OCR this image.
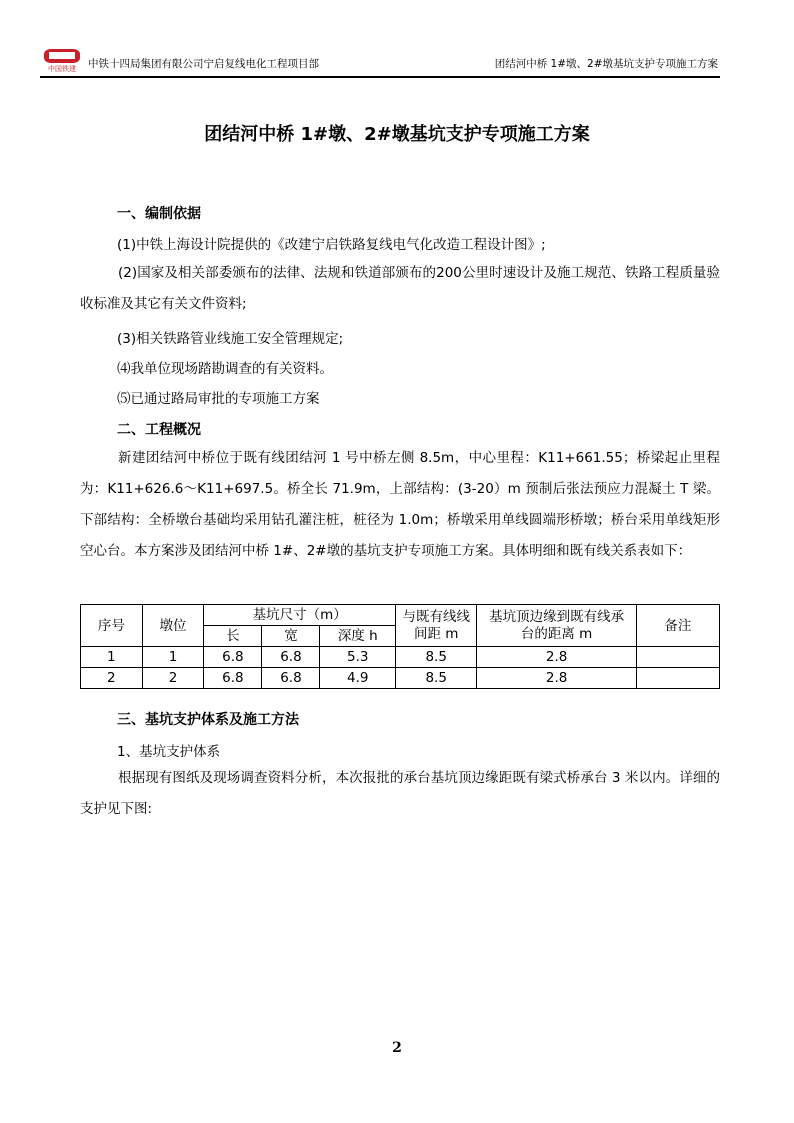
中国铁建	中铁十四局集团有限公司宁启复线电化工程项目部	团结河中桥 1#墩、2#墩基坑支护专项施工方案
团结河中桥 1#墩、2#墩基坑支护专项施工方案
一、编制依据
(1)中铁上海设计院提供的《改建宁启铁路复线电气化改造工程设计图》;
(2)国家及相关部委颁布的法律、法规和铁道部颁布的200公里时速设计及施工规范、铁路工程质量验收标准及其它有关文件资料;
(3)相关铁路管业线施工安全管理规定;
⑷我单位现场踏勘调查的有关资料。
⑸已通过路局审批的专项施工方案
二、工程概况
新建团结河中桥位于既有线团结河 1 号中桥左侧 8.5m，中心里程：K11+661.55；桥梁起止里程为：K11+626.6～K11+697.5。桥全长 71.9m，上部结构：(3-20）m 预制后张法预应力混凝土 T 梁。下部结构：全桥墩台基础均采用钻孔灌注桩，桩径为 1.0m；桥墩采用单线圆端形桥墩；桥台采用单线矩形空心台。本方案涉及团结河中桥 1#、2#墩的基坑支护专项施工方案。具体明细和既有线关系表如下：
序号	墩位	基坑尺寸（m）			与既有线线间距 m	基坑顶边缘到既有线承台的距离 m	备注
		长	宽	深度 h			
1	1	6.8	6.8	5.3	8.5	2.8	
2	2	6.8	6.8	4.9	8.5	2.8	
三、基坑支护体系及施工方法
1、基坑支护体系
根据现有图纸及现场调查资料分析，本次报批的承台基坑顶边缘距既有梁式桥承台 3 米以内。详细的支护见下图:
2
